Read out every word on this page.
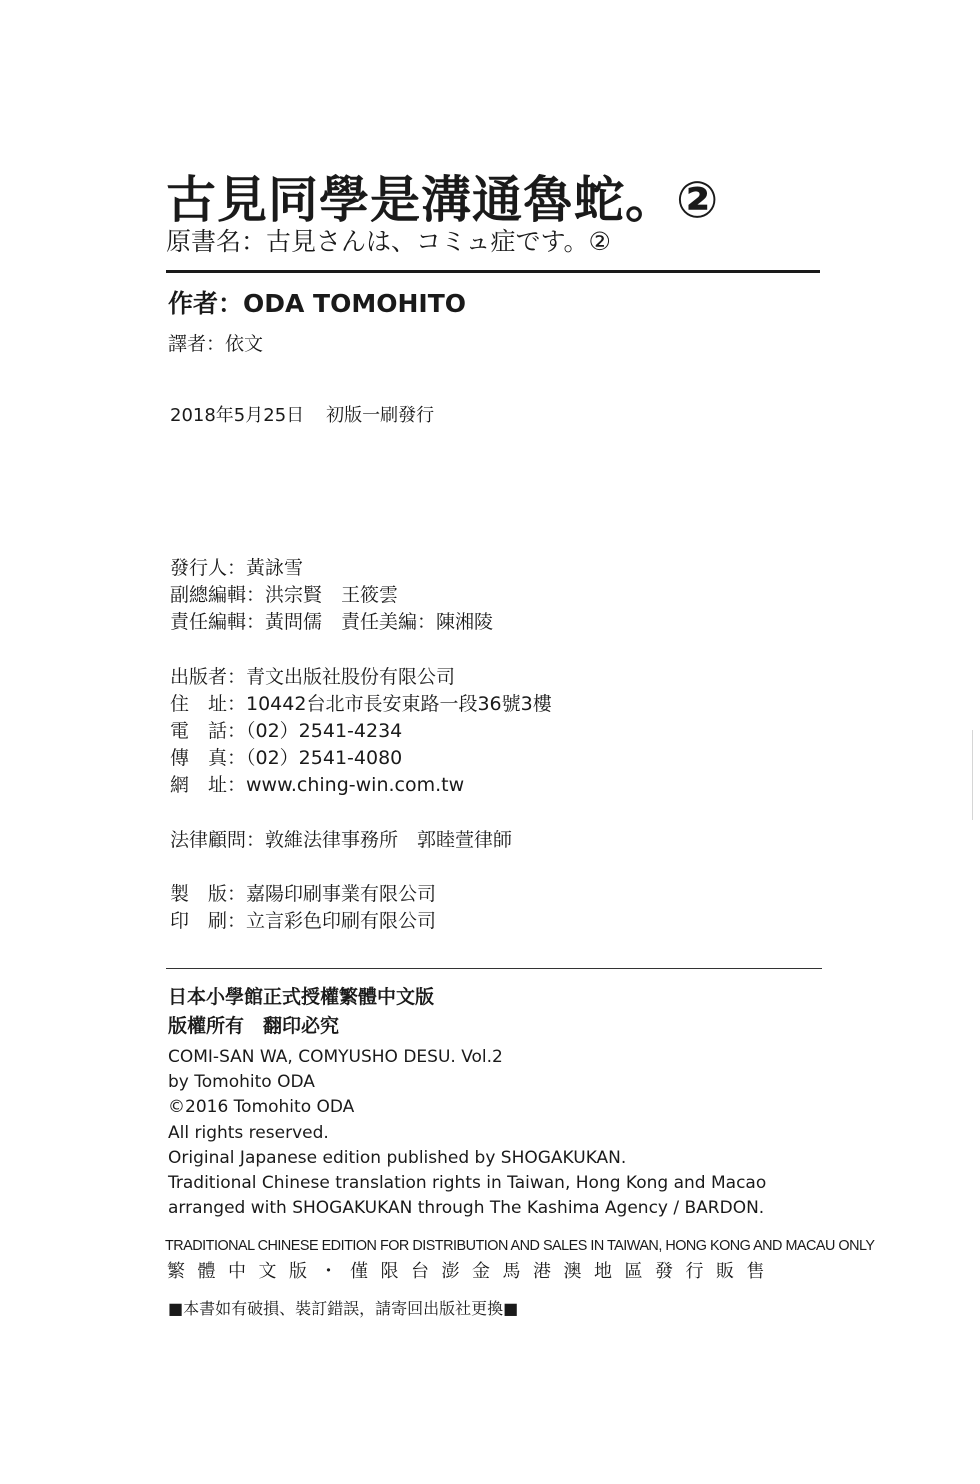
古見同學是溝通魯蛇。②
原書名：古見さんは、コミュ症です。②
作者：ODA TOMOHITO
譯者：依文
2018年5月25日 初版一刷發行
發行人：黃詠雪
副總編輯：洪宗賢　王筱雲
責任編輯：黃問儒　責任美編：陳湘陵
出版者：青文出版社股份有限公司
住　址：10442台北市長安東路一段36號3樓
電　話：（02）2541-4234
傳　真：（02）2541-4080
網　址：www.ching-win.com.tw
法律顧問：敦維法律事務所　郭睦萱律師
製　版：嘉陽印刷事業有限公司
印　刷：立言彩色印刷有限公司
日本小學館正式授權繁體中文版
版權所有　翻印必究
COMI-SAN WA, COMYUSHO DESU. Vol.2
by Tomohito ODA
©2016 Tomohito ODA
All rights reserved.
Original Japanese edition published by SHOGAKUKAN.
Traditional Chinese translation rights in Taiwan, Hong Kong and Macao
arranged with SHOGAKUKAN through The Kashima Agency / BARDON.
TRADITIONAL CHINESE EDITION FOR DISTRIBUTION AND SALES IN TAIWAN, HONG KONG AND MACAU ONLY
繁體中文版・僅限台澎金馬港澳地區發行販售
■本書如有破損、裝訂錯誤，請寄回出版社更換■
